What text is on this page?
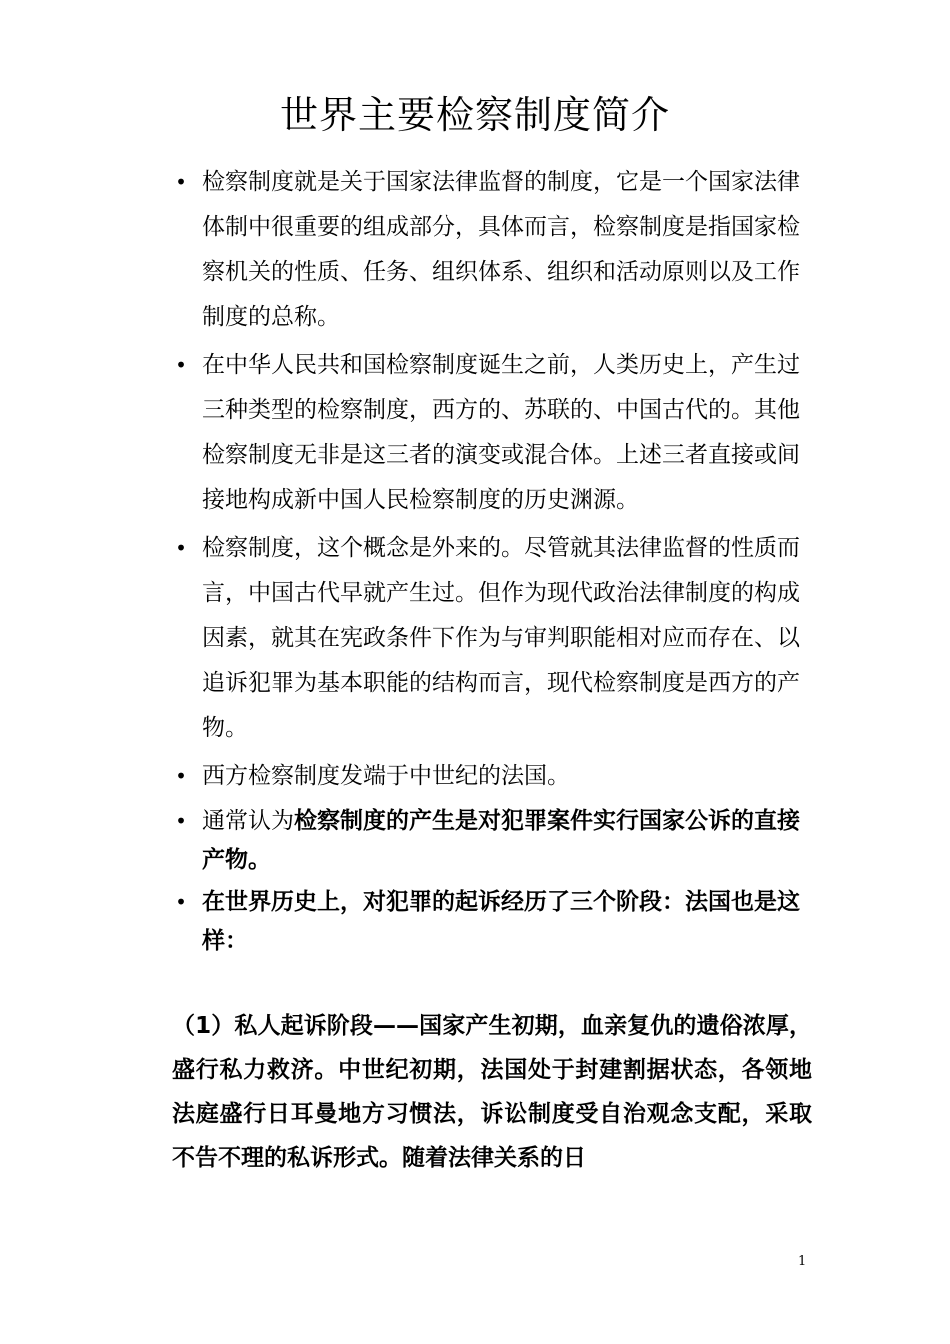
世界主要检察制度简介
• 检察制度就是关于国家法律监督的制度，它是一个国家法律体制中很重要的组成部分，具体而言，检察制度是指国家检察机关的性质、任务、组织体系、组织和活动原则以及工作制度的总称。
• 在中华人民共和国检察制度诞生之前，人类历史上，产生过三种类型的检察制度，西方的、苏联的、中国古代的。其他检察制度无非是这三者的演变或混合体。上述三者直接或间接地构成新中国人民检察制度的历史渊源。
• 检察制度，这个概念是外来的。尽管就其法律监督的性质而言，中国古代早就产生过。但作为现代政治法律制度的构成因素，就其在宪政条件下作为与审判职能相对应而存在、以追诉犯罪为基本职能的结构而言，现代检察制度是西方的产物。
• 西方检察制度发端于中世纪的法国。
• 通常认为检察制度的产生是对犯罪案件实行国家公诉的直接产物。
• 在世界历史上，对犯罪的起诉经历了三个阶段：法国也是这样：
（1）私人起诉阶段——国家产生初期，血亲复仇的遗俗浓厚，盛行私力救济。中世纪初期，法国处于封建割据状态，各领地法庭盛行日耳曼地方习惯法，诉讼制度受自治观念支配，采取不告不理的私诉形式。随着法律关系的日
1
